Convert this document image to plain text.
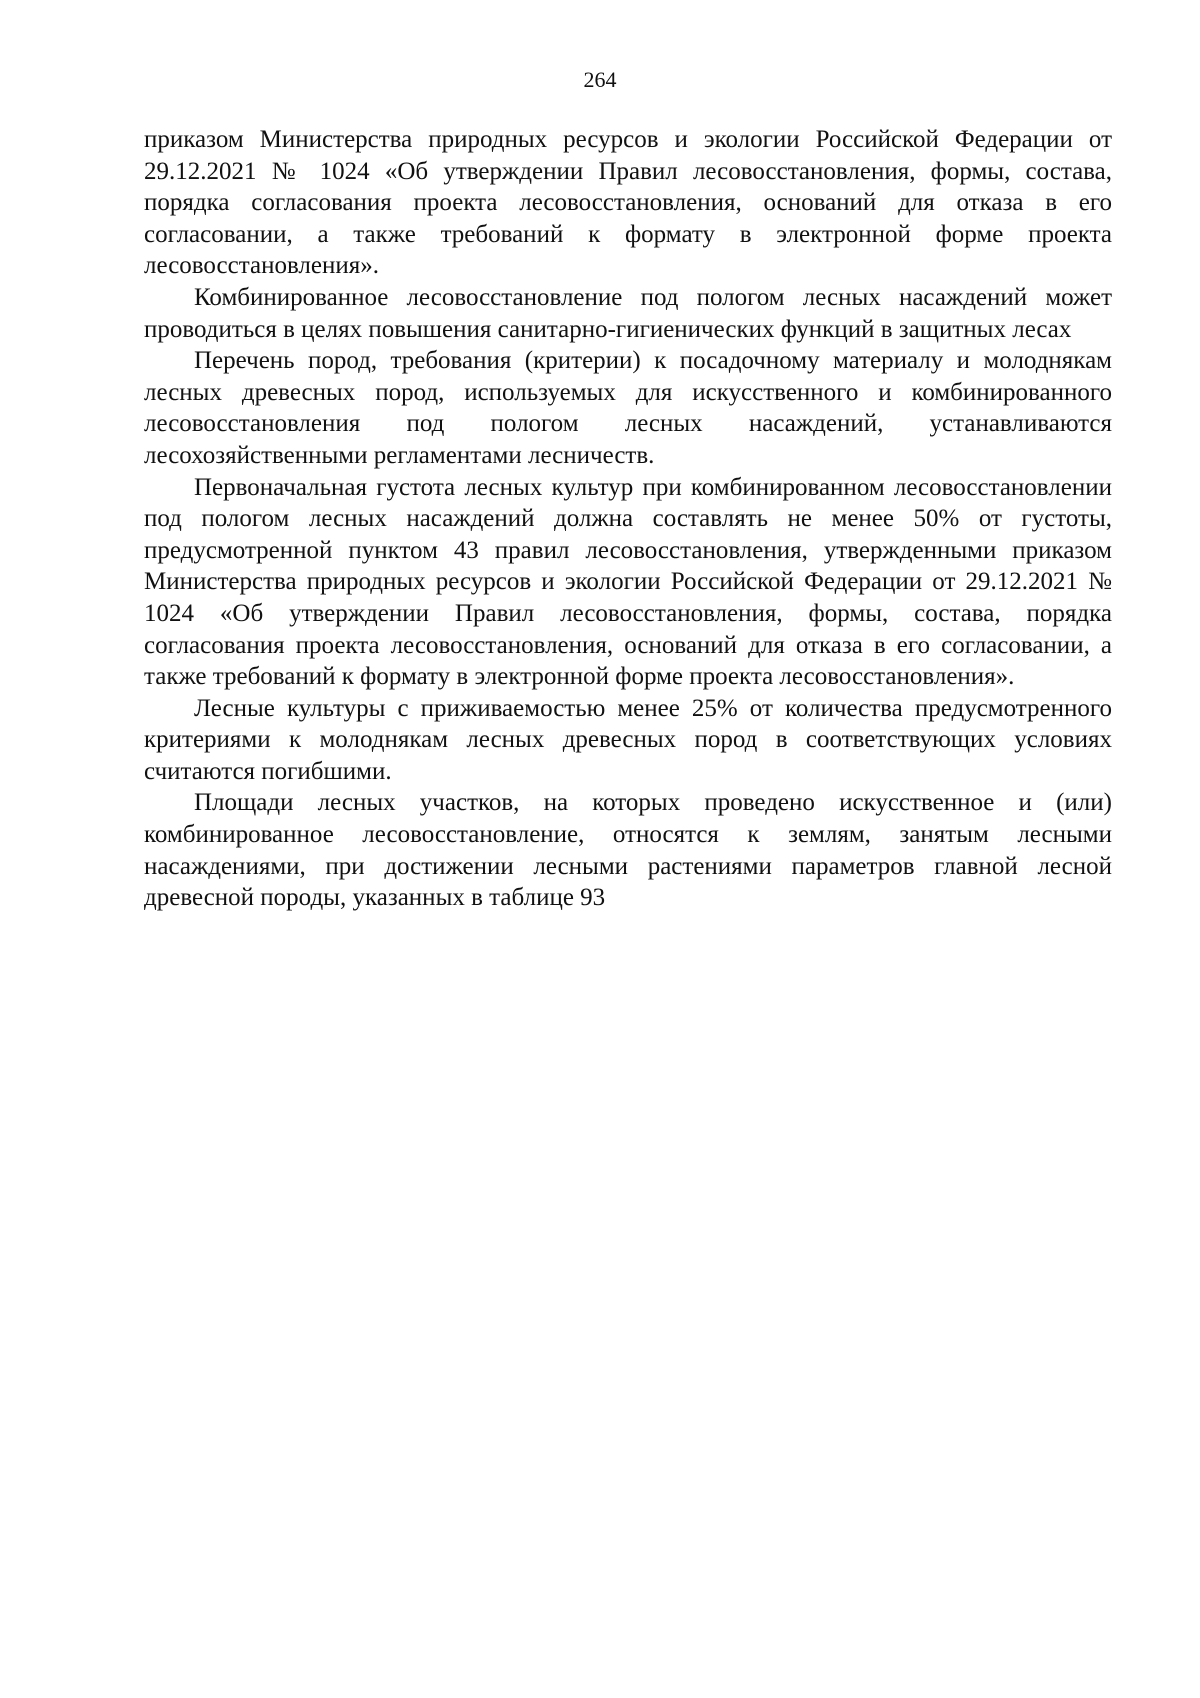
264

приказом Министерства природных ресурсов и экологии Российской Федерации от 29.12.2021 № 1024 «Об утверждении Правил лесовосстановления, формы, состава, порядка согласования проекта лесовосстановления, оснований для отказа в его согласовании, а также требований к формату в электронной форме проекта лесовосстановления».

Комбинированное лесовосстановление под пологом лесных насаждений может проводиться в целях повышения санитарно-гигиенических функций в защитных лесах

Перечень пород, требования (критерии) к посадочному материалу и молоднякам лесных древесных пород, используемых для искусственного и комбинированного лесовосстановления под пологом лесных насаждений, устанавливаются лесохозяйственными регламентами лесничеств.

Первоначальная густота лесных культур при комбинированном лесовосстановлении под пологом лесных насаждений должна составлять не менее 50% от густоты, предусмотренной пунктом 43 правил лесовосстановления, утвержденными приказом Министерства природных ресурсов и экологии Российской Федерации от 29.12.2021 № 1024 «Об утверждении Правил лесовосстановления, формы, состава, порядка согласования проекта лесовосстановления, оснований для отказа в его согласовании, а также требований к формату в электронной форме проекта лесовосстановления».

Лесные культуры с приживаемостью менее 25% от количества предусмотренного критериями к молоднякам лесных древесных пород в соответствующих условиях считаются погибшими.

Площади лесных участков, на которых проведено искусственное и (или) комбинированное лесовосстановление, относятся к землям, занятым лесными насаждениями, при достижении лесными растениями параметров главной лесной древесной породы, указанных в таблице 93
